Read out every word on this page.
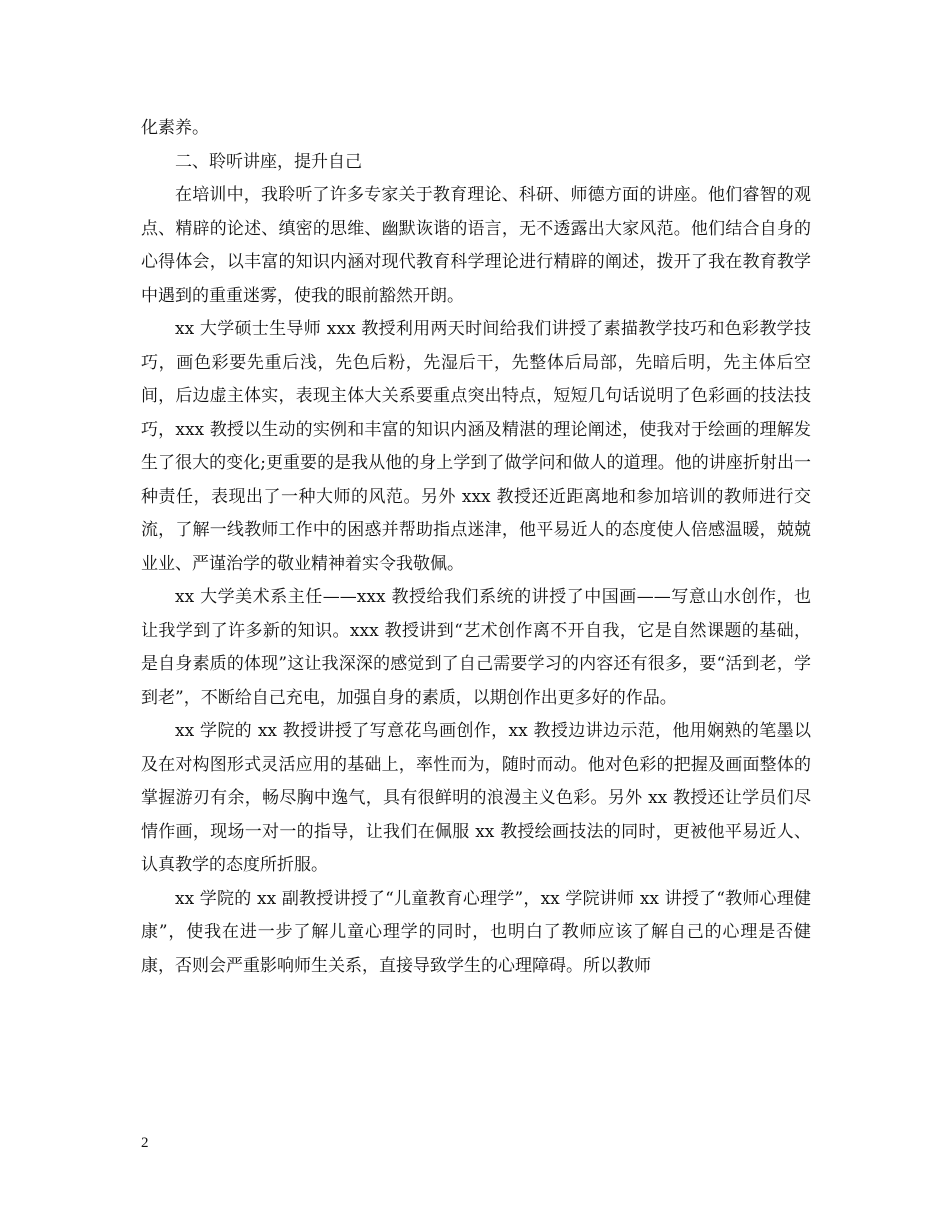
化素养。

二、聆听讲座，提升自己

在培训中，我聆听了许多专家关于教育理论、科研、师德方面的讲座。他们睿智的观点、精辟的论述、缜密的思维、幽默诙谐的语言，无不透露出大家风范。他们结合自身的心得体会，以丰富的知识内涵对现代教育科学理论进行精辟的阐述，拨开了我在教育教学中遇到的重重迷雾，使我的眼前豁然开朗。

xx 大学硕士生导师 xxx 教授利用两天时间给我们讲授了素描教学技巧和色彩教学技巧，画色彩要先重后浅，先色后粉，先湿后干，先整体后局部，先暗后明，先主体后空间，后边虚主体实，表现主体大关系要重点突出特点，短短几句话说明了色彩画的技法技巧，xxx 教授以生动的实例和丰富的知识内涵及精湛的理论阐述，使我对于绘画的理解发生了很大的变化;更重要的是我从他的身上学到了做学问和做人的道理。他的讲座折射出一种责任，表现出了一种大师的风范。另外 xxx 教授还近距离地和参加培训的教师进行交流，了解一线教师工作中的困惑并帮助指点迷津，他平易近人的态度使人倍感温暖，兢兢业业、严谨治学的敬业精神着实令我敬佩。

xx 大学美术系主任——xxx 教授给我们系统的讲授了中国画——写意山水创作，也让我学到了许多新的知识。xxx 教授讲到“艺术创作离不开自我，它是自然课题的基础，是自身素质的体现”这让我深深的感觉到了自己需要学习的内容还有很多，要“活到老，学到老”，不断给自己充电，加强自身的素质，以期创作出更多好的作品。

xx 学院的 xx 教授讲授了写意花鸟画创作，xx 教授边讲边示范，他用娴熟的笔墨以及在对构图形式灵活应用的基础上，率性而为，随时而动。他对色彩的把握及画面整体的掌握游刃有余，畅尽胸中逸气，具有很鲜明的浪漫主义色彩。另外 xx 教授还让学员们尽情作画，现场一对一的指导，让我们在佩服 xx 教授绘画技法的同时，更被他平易近人、认真教学的态度所折服。

xx 学院的 xx 副教授讲授了“儿童教育心理学”，xx 学院讲师 xx 讲授了“教师心理健康”，使我在进一步了解儿童心理学的同时，也明白了教师应该了解自己的心理是否健康，否则会严重影响师生关系，直接导致学生的心理障碍。所以教师

2
